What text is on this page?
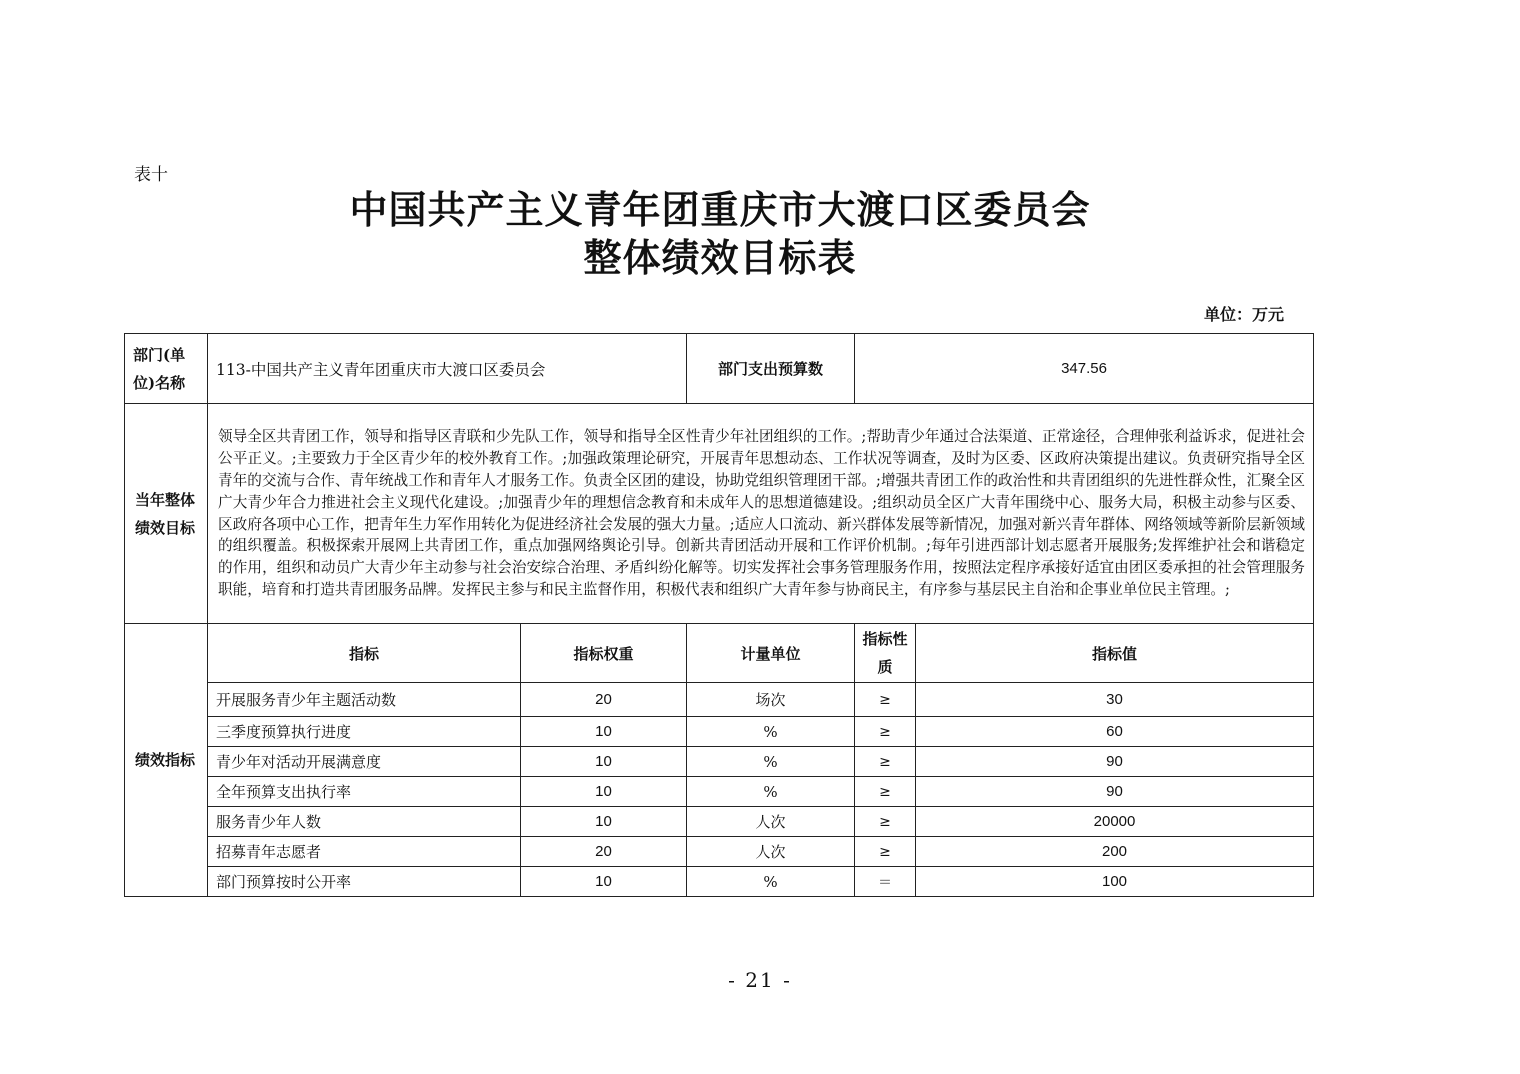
表十
中国共产主义青年团重庆市大渡口区委员会
整体绩效目标表
单位：万元
部门(单位)名称	113-中国共产主义青年团重庆市大渡口区委员会		部门支出预算数	347.56	
当年整体绩效目标	领导全区共青团工作，领导和指导区青联和少先队工作，领导和指导全区性青少年社团组织的工作。;帮助青少年通过合法渠道、正常途径，合理伸张利益诉求，促进社会公平正义。;主要致力于全区青少年的校外教育工作。;加强政策理论研究，开展青年思想动态、工作状况等调查，及时为区委、区政府决策提出建议。负责研究指导全区青年的交流与合作、青年统战工作和青年人才服务工作。负责全区团的建设，协助党组织管理团干部。;增强共青团工作的政治性和共青团组织的先进性群众性，汇聚全区广大青少年合力推进社会主义现代化建设。;加强青少年的理想信念教育和未成年人的思想道德建设。;组织动员全区广大青年围绕中心、服务大局，积极主动参与区委、区政府各项中心工作，把青年生力军作用转化为促进经济社会发展的强大力量。;适应人口流动、新兴群体发展等新情况，加强对新兴青年群体、网络领域等新阶层新领域的组织覆盖。积极探索开展网上共青团工作，重点加强网络舆论引导。创新共青团活动开展和工作评价机制。;每年引进西部计划志愿者开展服务;发挥维护社会和谐稳定的作用，组织和动员广大青少年主动参与社会治安综合治理、矛盾纠纷化解等。切实发挥社会事务管理服务作用，按照法定程序承接好适宜由团区委承担的社会管理服务职能，培育和打造共青团服务品牌。发挥民主参与和民主监督作用，积极代表和组织广大青年参与协商民主，有序参与基层民主自治和企事业单位民主管理。;				
绩效指标	指标	指标权重	计量单位	指标性质	指标值
	开展服务青少年主题活动数	20	场次	≥	30
	三季度预算执行进度	10	%	≥	60
	青少年对活动开展满意度	10	%	≥	90
	全年预算支出执行率	10	%	≥	90
	服务青少年人数	10	人次	≥	20000
	招募青年志愿者	20	人次	≥	200
	部门预算按时公开率	10	%	＝	100
- 21 -
